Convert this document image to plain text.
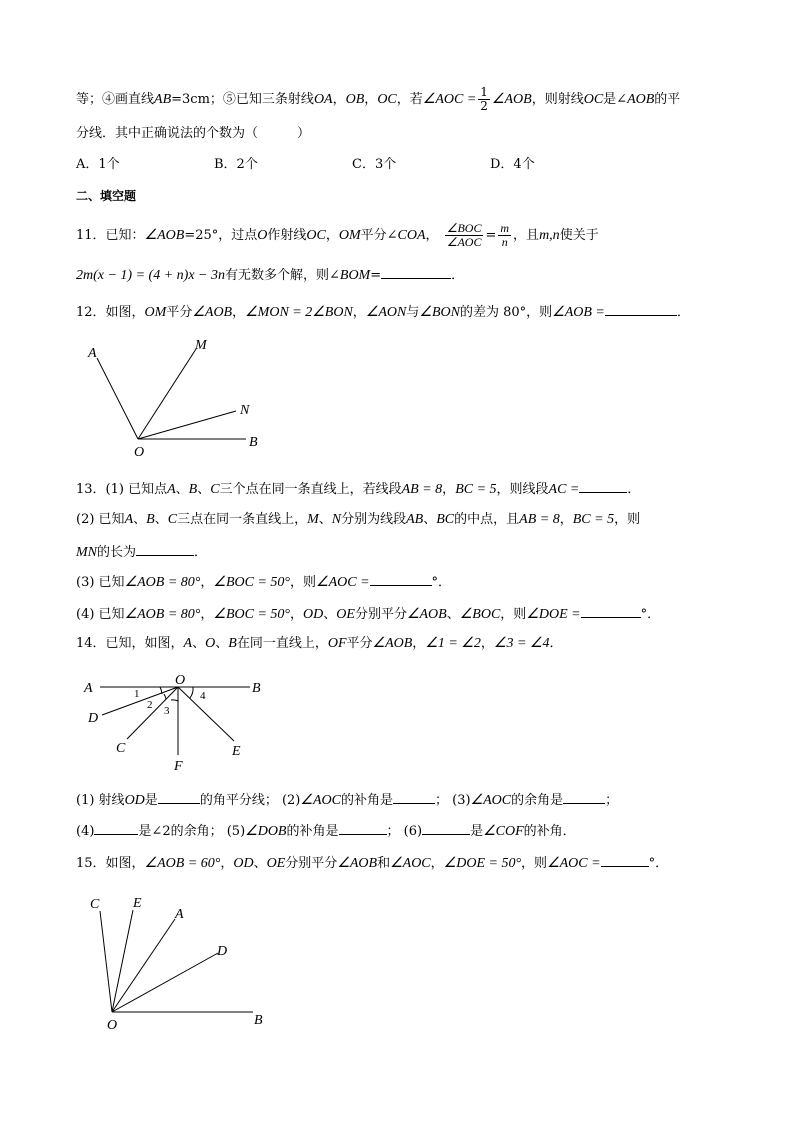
等；④画直线AB=3cm；⑤已知三条射线OA，OB，OC，若∠AOC = $\frac{1}{2}$ ∠AOB，则射线OC是∠AOB的平
分线．其中正确说法的个数为（　　　）
A．1个	B．2个	C．3个	D．4个
二、填空题
11．已知：∠AOB=25°，过点O作射线OC，OM平分∠COA， $\frac{\text{∠BOC}}{\text{∠AOC}} = \frac{m}{n}$ ，且m,n使关于
2m(x − 1) = (4 + n)x − 3n有无数多个解，则∠BOM=	．
12．如图，OM平分∠AOB，∠MON = 2∠BON，∠AON与∠BON的差为 80°，则∠AOB =	．
A
M
N
O
B
A
O
B
D
C
F
E
1
2 3
4
C E
A
D
O	B
13．(1) 已知点A、B、C三个点在同一条直线上，若线段AB = 8，BC = 5，则线段AC =	．
(2) 已知A、B、C三点在同一条直线上，M、N分别为线段AB、BC的中点，且AB = 8，BC = 5，则
MN的长为	．
(3) 已知∠AOB = 80°，∠BOC = 50°，则∠AOC =	°．
(4) 已知∠AOB = 80°，∠BOC = 50°，OD、OE分别平分∠AOB、∠BOC，则∠DOE =	°．
14．已知，如图，A、O、B在同一直线上，OF平分∠AOB，∠1 = ∠2，∠3 = ∠4．
(1) 射线OD是	的角平分线； (2)∠AOC的补角是	； (3)∠AOC的余角是	；
(4)	是∠2的余角； (5)∠DOB的补角是	； (6)	是∠COF的补角．
15．如图，∠AOB = 60°，OD、OE分别平分∠AOB和∠AOC，∠DOE = 50°，则∠AOC =	°．
